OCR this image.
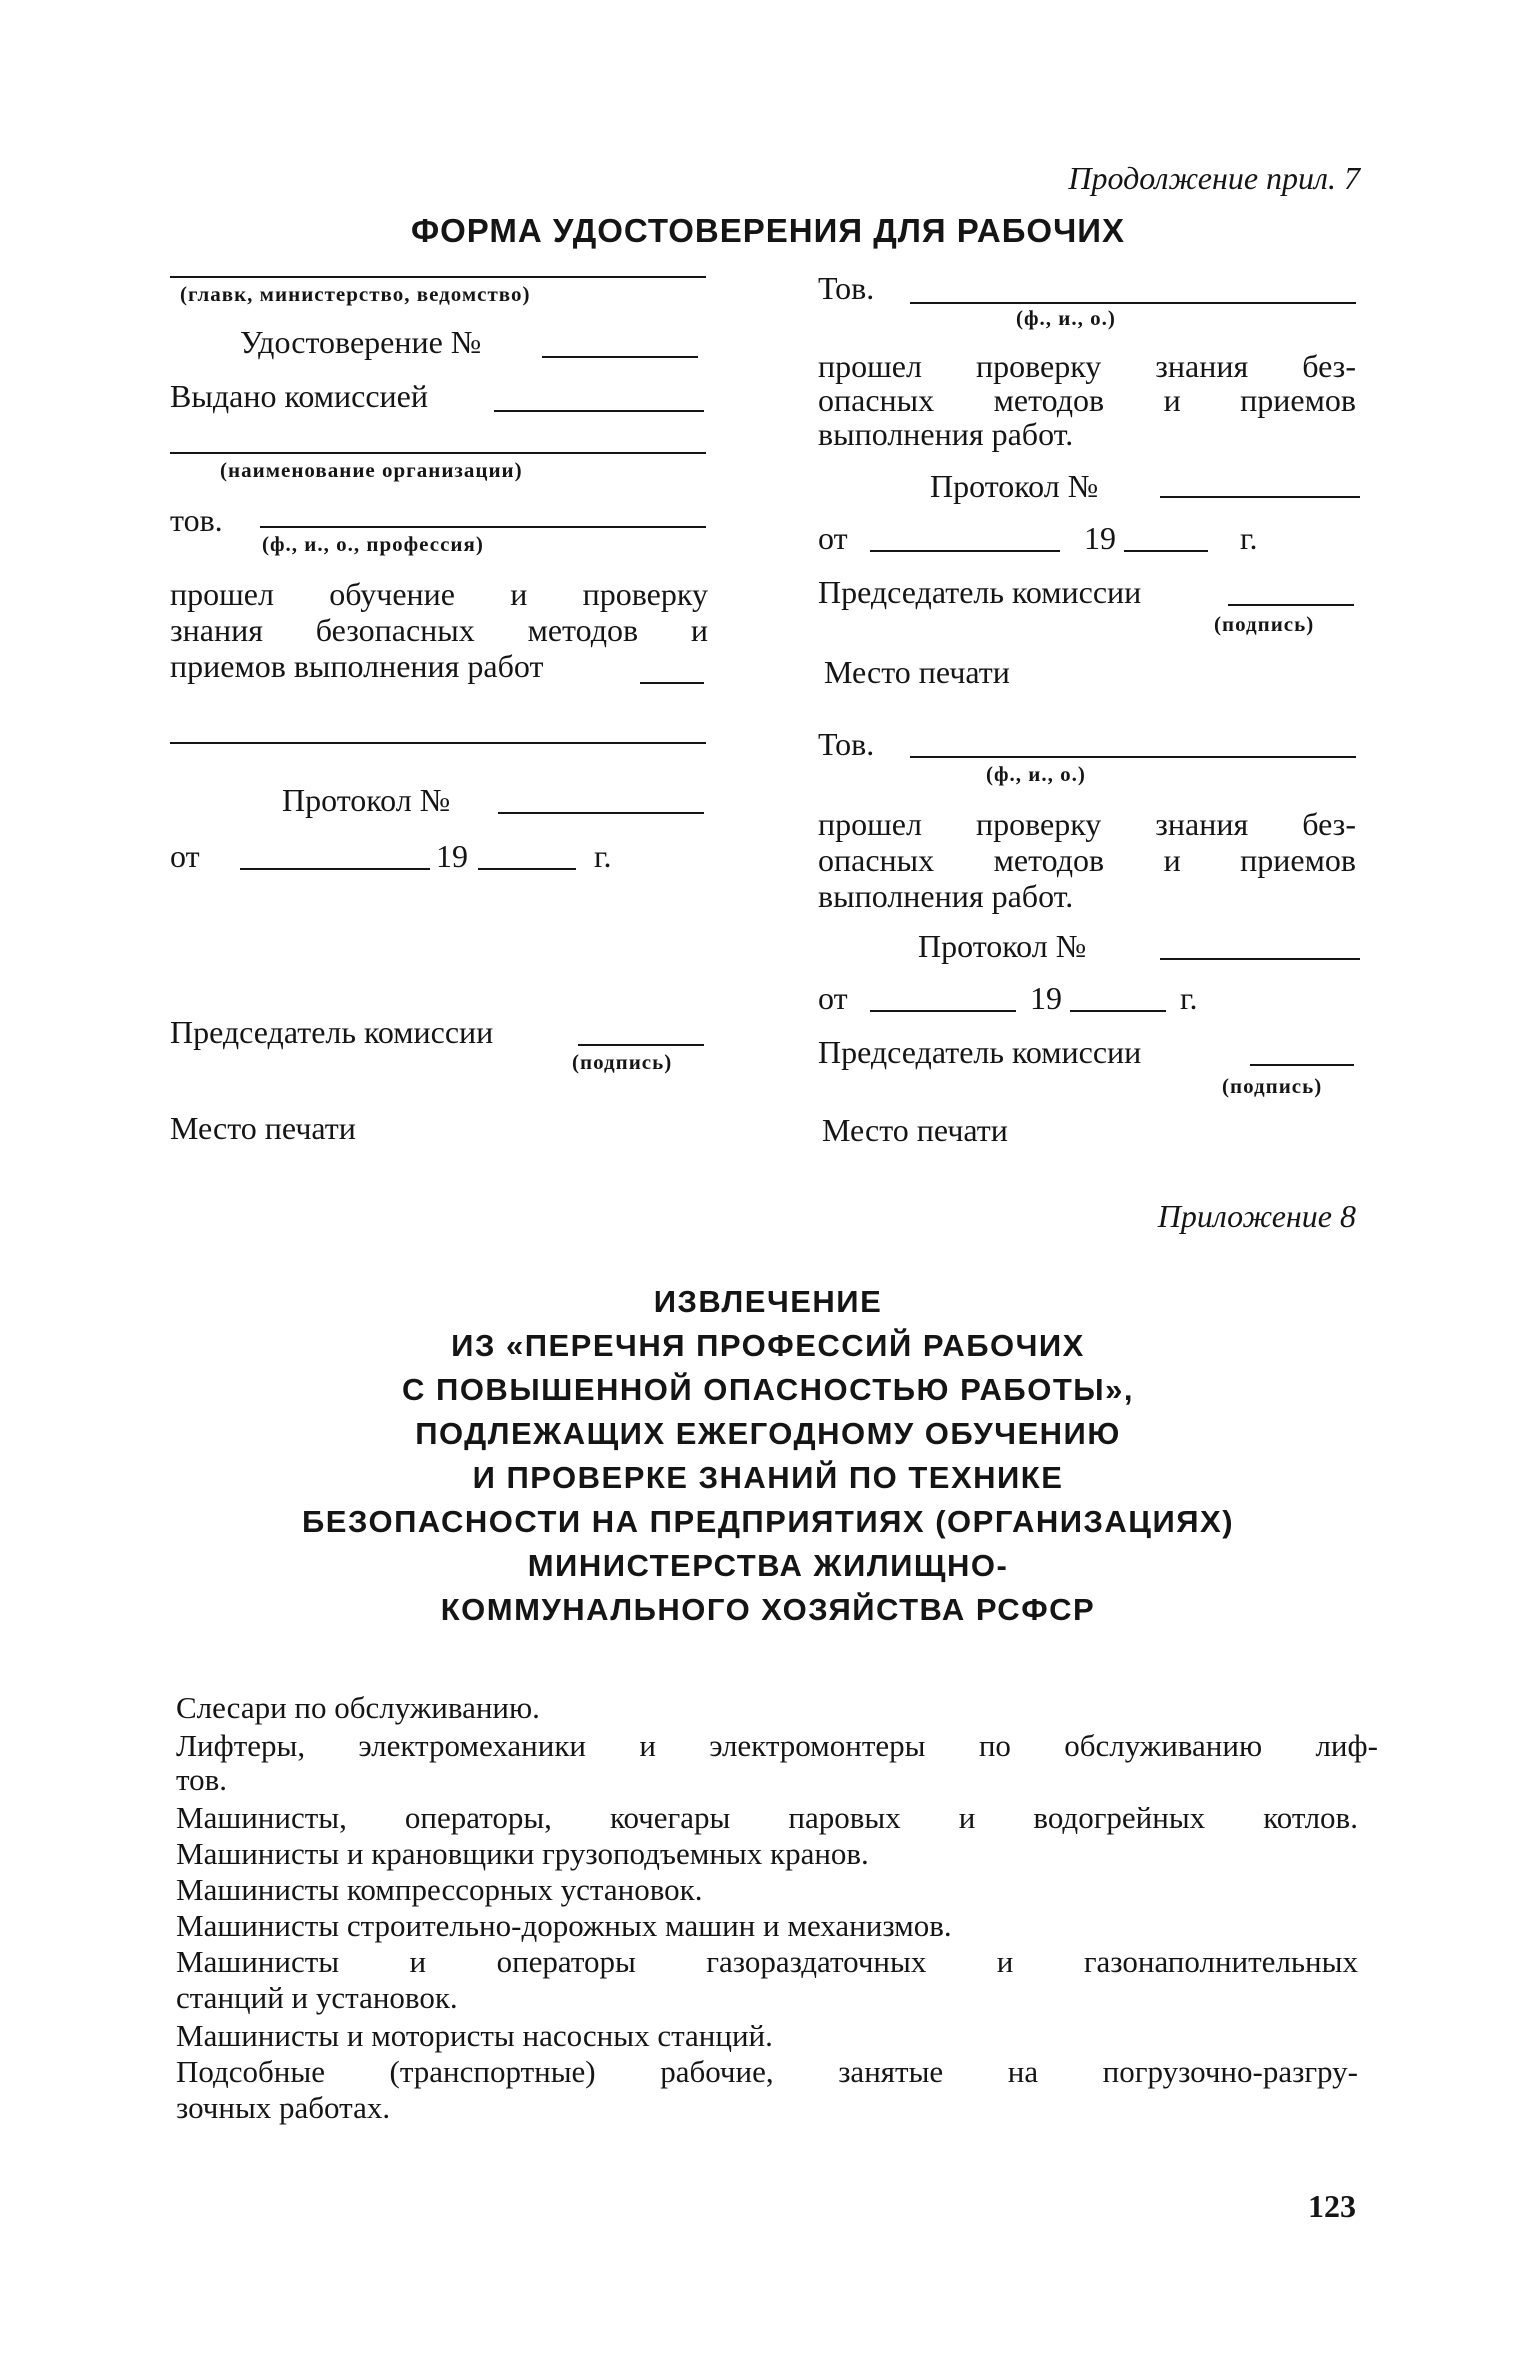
Продолжение прил. 7
ФОРМА УДОСТОВЕРЕНИЯ ДЛЯ РАБОЧИХ
(главк, министерство, ведомство)
Удостоверение №
Выдано комиссией
(наименование организации)
тов.
(ф., и., о., профессия)
прошел обучение и проверку
знания безопасных методов и
приемов выполнения работ
Протокол №
от	19	г.
Председатель комиссии
(подпись)
Место печати
Тов.
(ф., и., о.)
прошел проверку знания без-
опасных методов и приемов
выполнения работ.
Протокол №
от	19	г.
Председатель комиссии
(подпись)
Место печати
Тов.
(ф., и., о.)
прошел проверку знания без-
опасных методов и приемов
выполнения работ.
Протокол №
от	19	г.
Председатель комиссии
(подпись)
Место печати
Приложение 8
ИЗВЛЕЧЕНИЕ
ИЗ «ПЕРЕЧНЯ ПРОФЕССИЙ РАБОЧИХ
С ПОВЫШЕННОЙ ОПАСНОСТЬЮ РАБОТЫ»,
ПОДЛЕЖАЩИХ ЕЖЕГОДНОМУ ОБУЧЕНИЮ
И ПРОВЕРКЕ ЗНАНИЙ ПО ТЕХНИКЕ
БЕЗОПАСНОСТИ НА ПРЕДПРИЯТИЯХ (ОРГАНИЗАЦИЯХ)
МИНИСТЕРСТВА ЖИЛИЩНО-
КОММУНАЛЬНОГО ХОЗЯЙСТВА РСФСР
Слесари по обслуживанию.
Лифтеры, электромеханики и электромонтеры по обслуживанию лиф-
тов.
Машинисты, операторы, кочегары паровых и водогрейных котлов.
Машинисты и крановщики грузоподъемных кранов.
Машинисты компрессорных установок.
Машинисты строительно-дорожных машин и механизмов.
Машинисты и операторы газораздаточных и газонаполнительных
станций и установок.
Машинисты и мотористы насосных станций.
Подсобные (транспортные) рабочие, занятые на погрузочно-разгру-
зочных работах.
123
